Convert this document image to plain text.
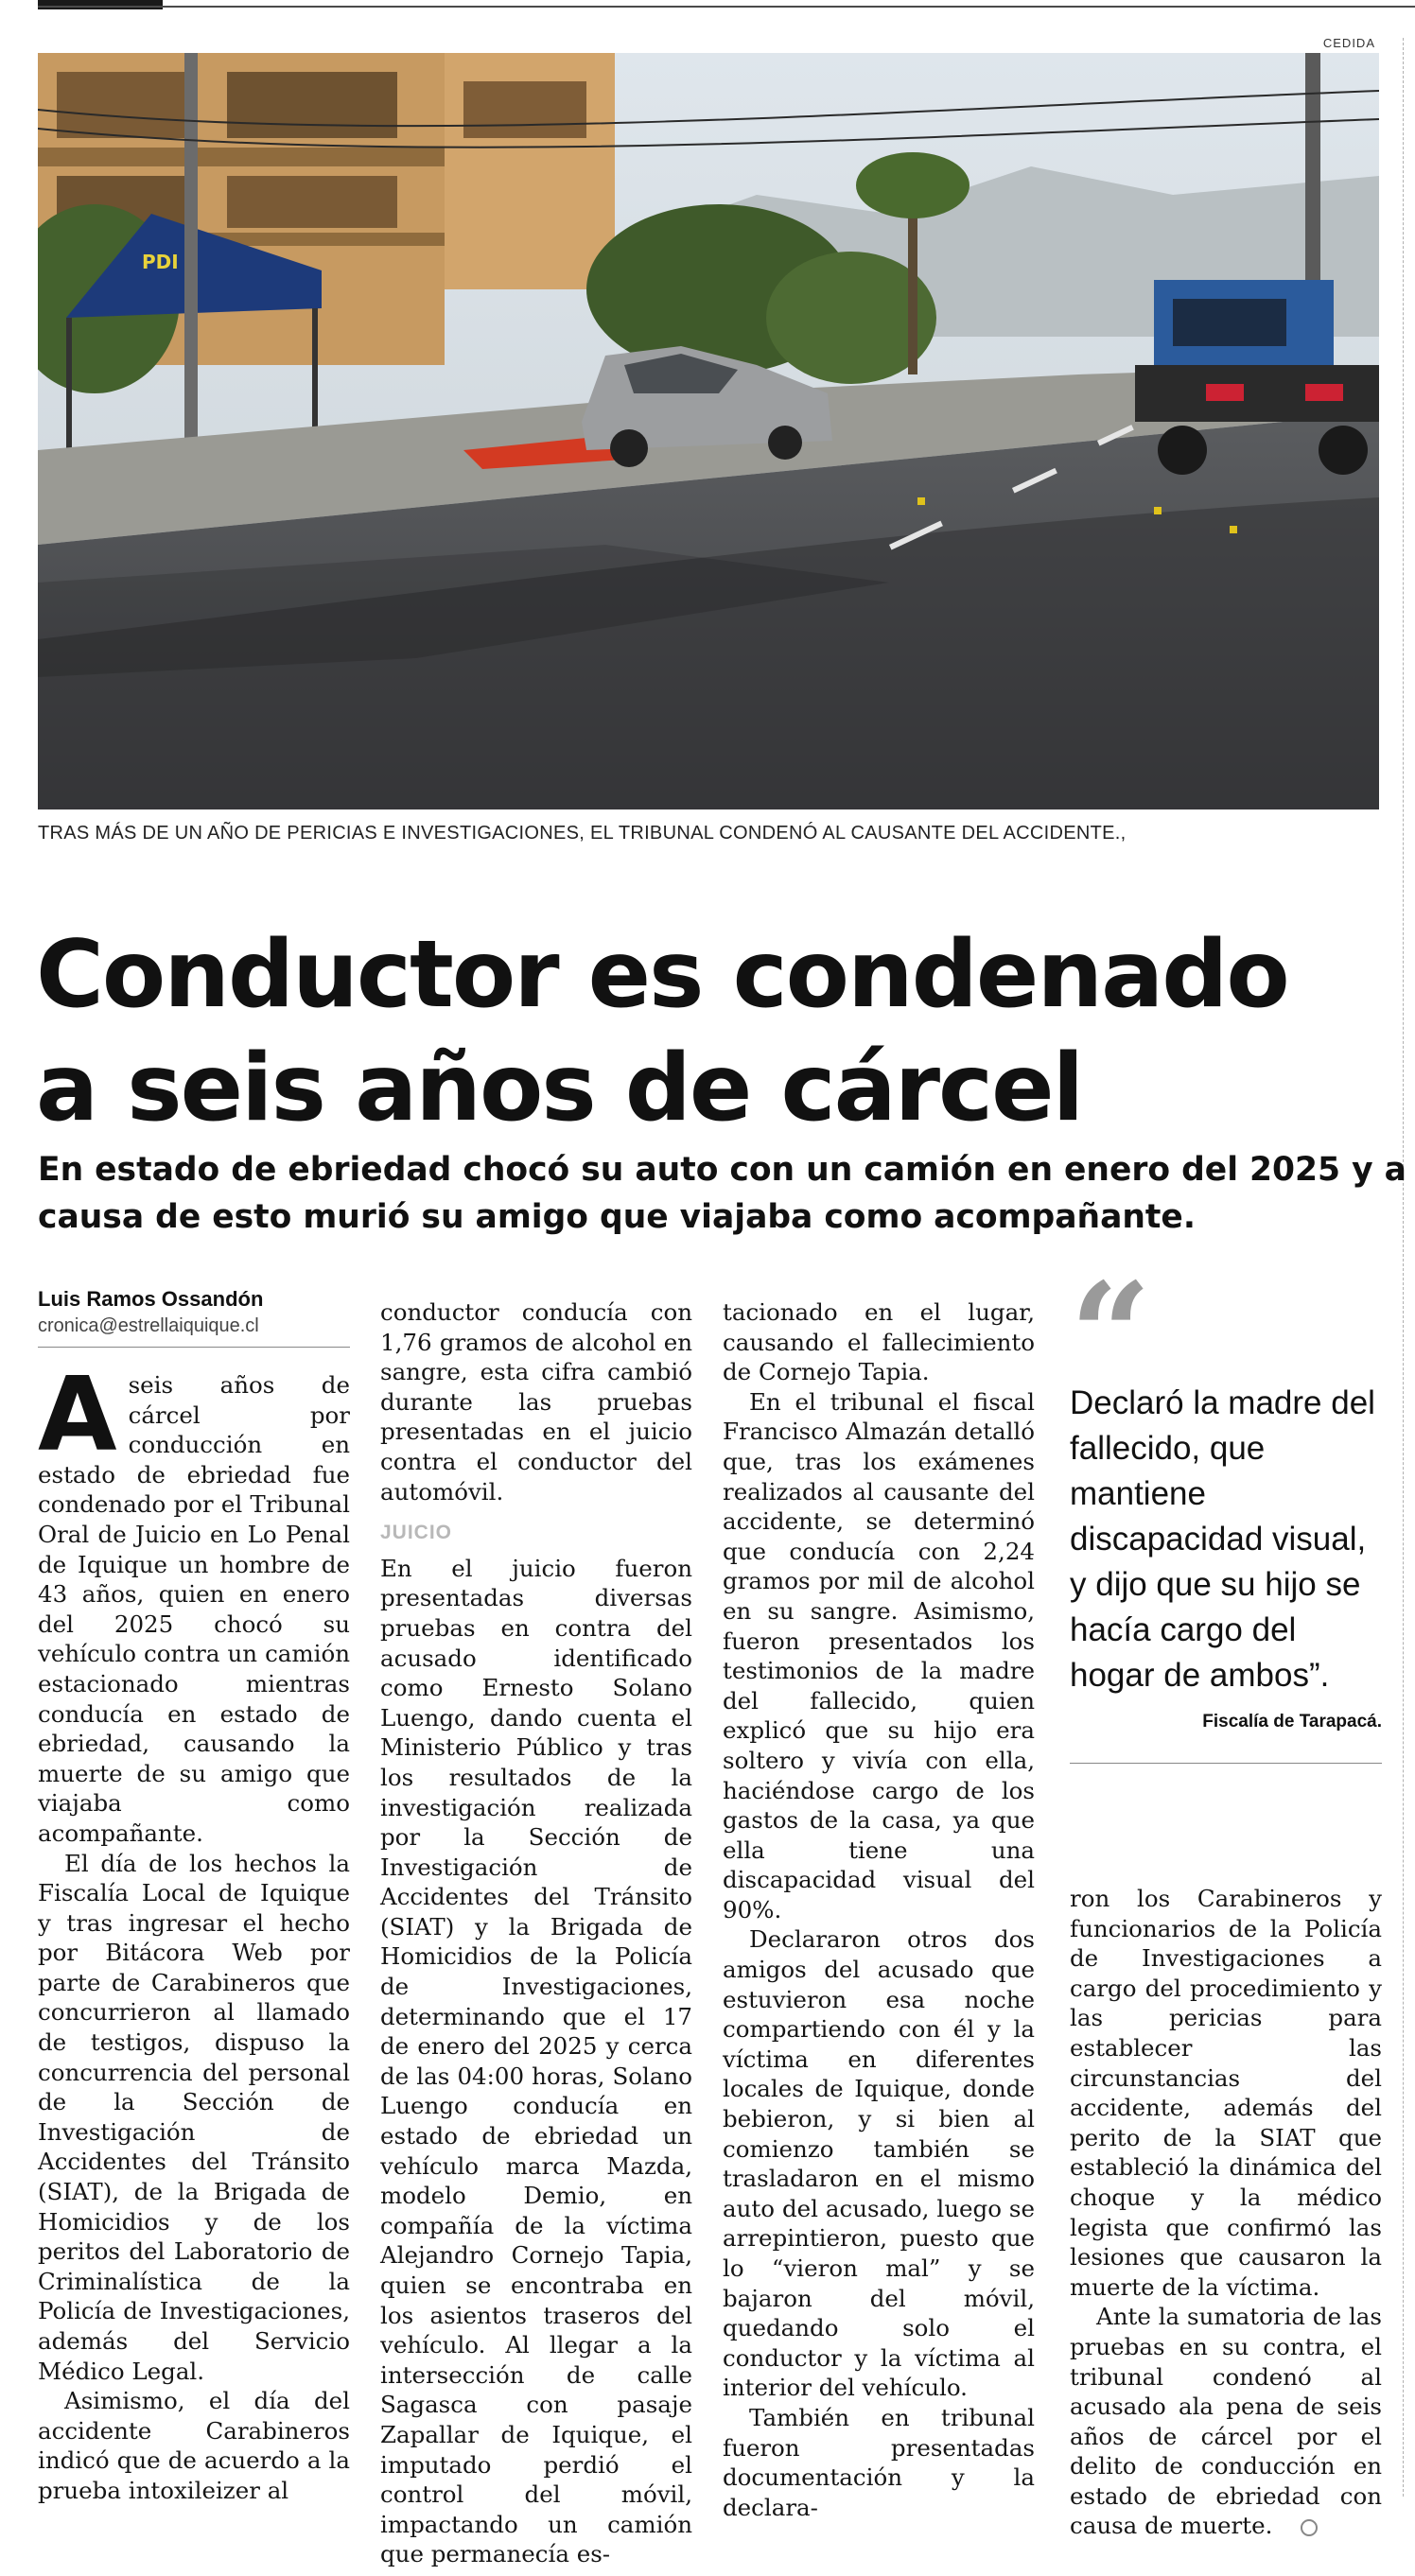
CEDIDA
PDI
TRAS MÁS DE UN AÑO DE PERICIAS E INVESTIGACIONES, EL TRIBUNAL CONDENÓ AL CAUSANTE DEL ACCIDENTE.,
Conductor es condenado
a seis años de cárcel
En estado de ebriedad chocó su auto con un camión en enero del 2025 y a
causa de esto murió su amigo que viajaba como acompañante.
Luis Ramos Ossandón
cronica@estrellaiquique.cl

Aseis años de cárcel por conducción en estado de ebriedad fue condenado por el Tribunal Oral de Juicio en Lo Penal de Iquique un hombre de 43 años, quien en enero del 2025 chocó su vehículo contra un camión estacionado mientras conducía en estado de ebriedad, causando la muerte de su amigo que viajaba como acompañante.

El día de los hechos la Fiscalía Local de Iquique y tras ingresar el hecho por Bitácora Web por parte de Carabineros que concurrieron al llamado de testigos, dispuso la concurrencia del personal de la Sección de Investigación de Accidentes del Tránsito (SIAT), de la Brigada de Homicidios y de los peritos del Laboratorio de Criminalística de la Policía de Investigaciones, además del Servicio Médico Legal.

Asimismo, el día del accidente Carabineros indicó que de acuerdo a la prueba intoxileizer al

conductor conducía con 1,76 gramos de alcohol en sangre, esta cifra cambió durante las pruebas presentadas en el juicio contra el conductor del automóvil.

JUICIO

En el juicio fueron presentadas diversas pruebas en contra del acusado identificado como Ernesto Solano Luengo, dando cuenta el Ministerio Público y tras los resultados de la investigación realizada por la Sección de Investigación de Accidentes del Tránsito (SIAT) y la Brigada de Homicidios de la Policía de Investigaciones, determinando que el 17 de enero del 2025 y cerca de las 04:00 horas, Solano Luengo conducía en estado de ebriedad un vehículo marca Mazda, modelo Demio, en compañía de la víctima Alejandro Cornejo Tapia, quien se encontraba en los asientos traseros del vehículo. Al llegar a la intersección de calle Sagasca con pasaje Zapallar de Iquique, el imputado perdió el control del móvil, impactando un camión que permanecía es-

tacionado en el lugar, causando el fallecimiento de Cornejo Tapia.

En el tribunal el fiscal Francisco Almazán detalló que, tras los exámenes realizados al causante del accidente, se determinó que conducía con 2,24 gramos por mil de alcohol en su sangre. Asimismo, fueron presentados los testimonios de la madre del fallecido, quien explicó que su hijo era soltero y vivía con ella, haciéndose cargo de los gastos de la casa, ya que ella tiene una discapacidad visual del 90%.

Declararon otros dos amigos del acusado que estuvieron esa noche compartiendo con él y la víctima en diferentes locales de Iquique, donde bebieron, y si bien al comienzo también se trasladaron en el mismo auto del acusado, luego se arrepintieron, puesto que lo “vieron mal” y se bajaron del móvil, quedando solo el conductor y la víctima al interior del vehículo.

También en tribunal fueron presentadas documentación y la declara-

“
Declaró la madre del fallecido, que mantiene discapacidad visual, y dijo que su hijo se hacía cargo del hogar de ambos”.
Fiscalía de Tarapacá.

ron los Carabineros y funcionarios de la Policía de Investigaciones a cargo del procedimiento y las pericias para establecer las circunstancias del accidente, además del perito de la SIAT que estableció la dinámica del choque y la médico legista que confirmó las lesiones que causaron la muerte de la víctima.

Ante la sumatoria de las pruebas en su contra, el tribunal condenó al acusado ala pena de seis años de cárcel por el delito de conducción en estado de ebriedad con causa de muerte.
